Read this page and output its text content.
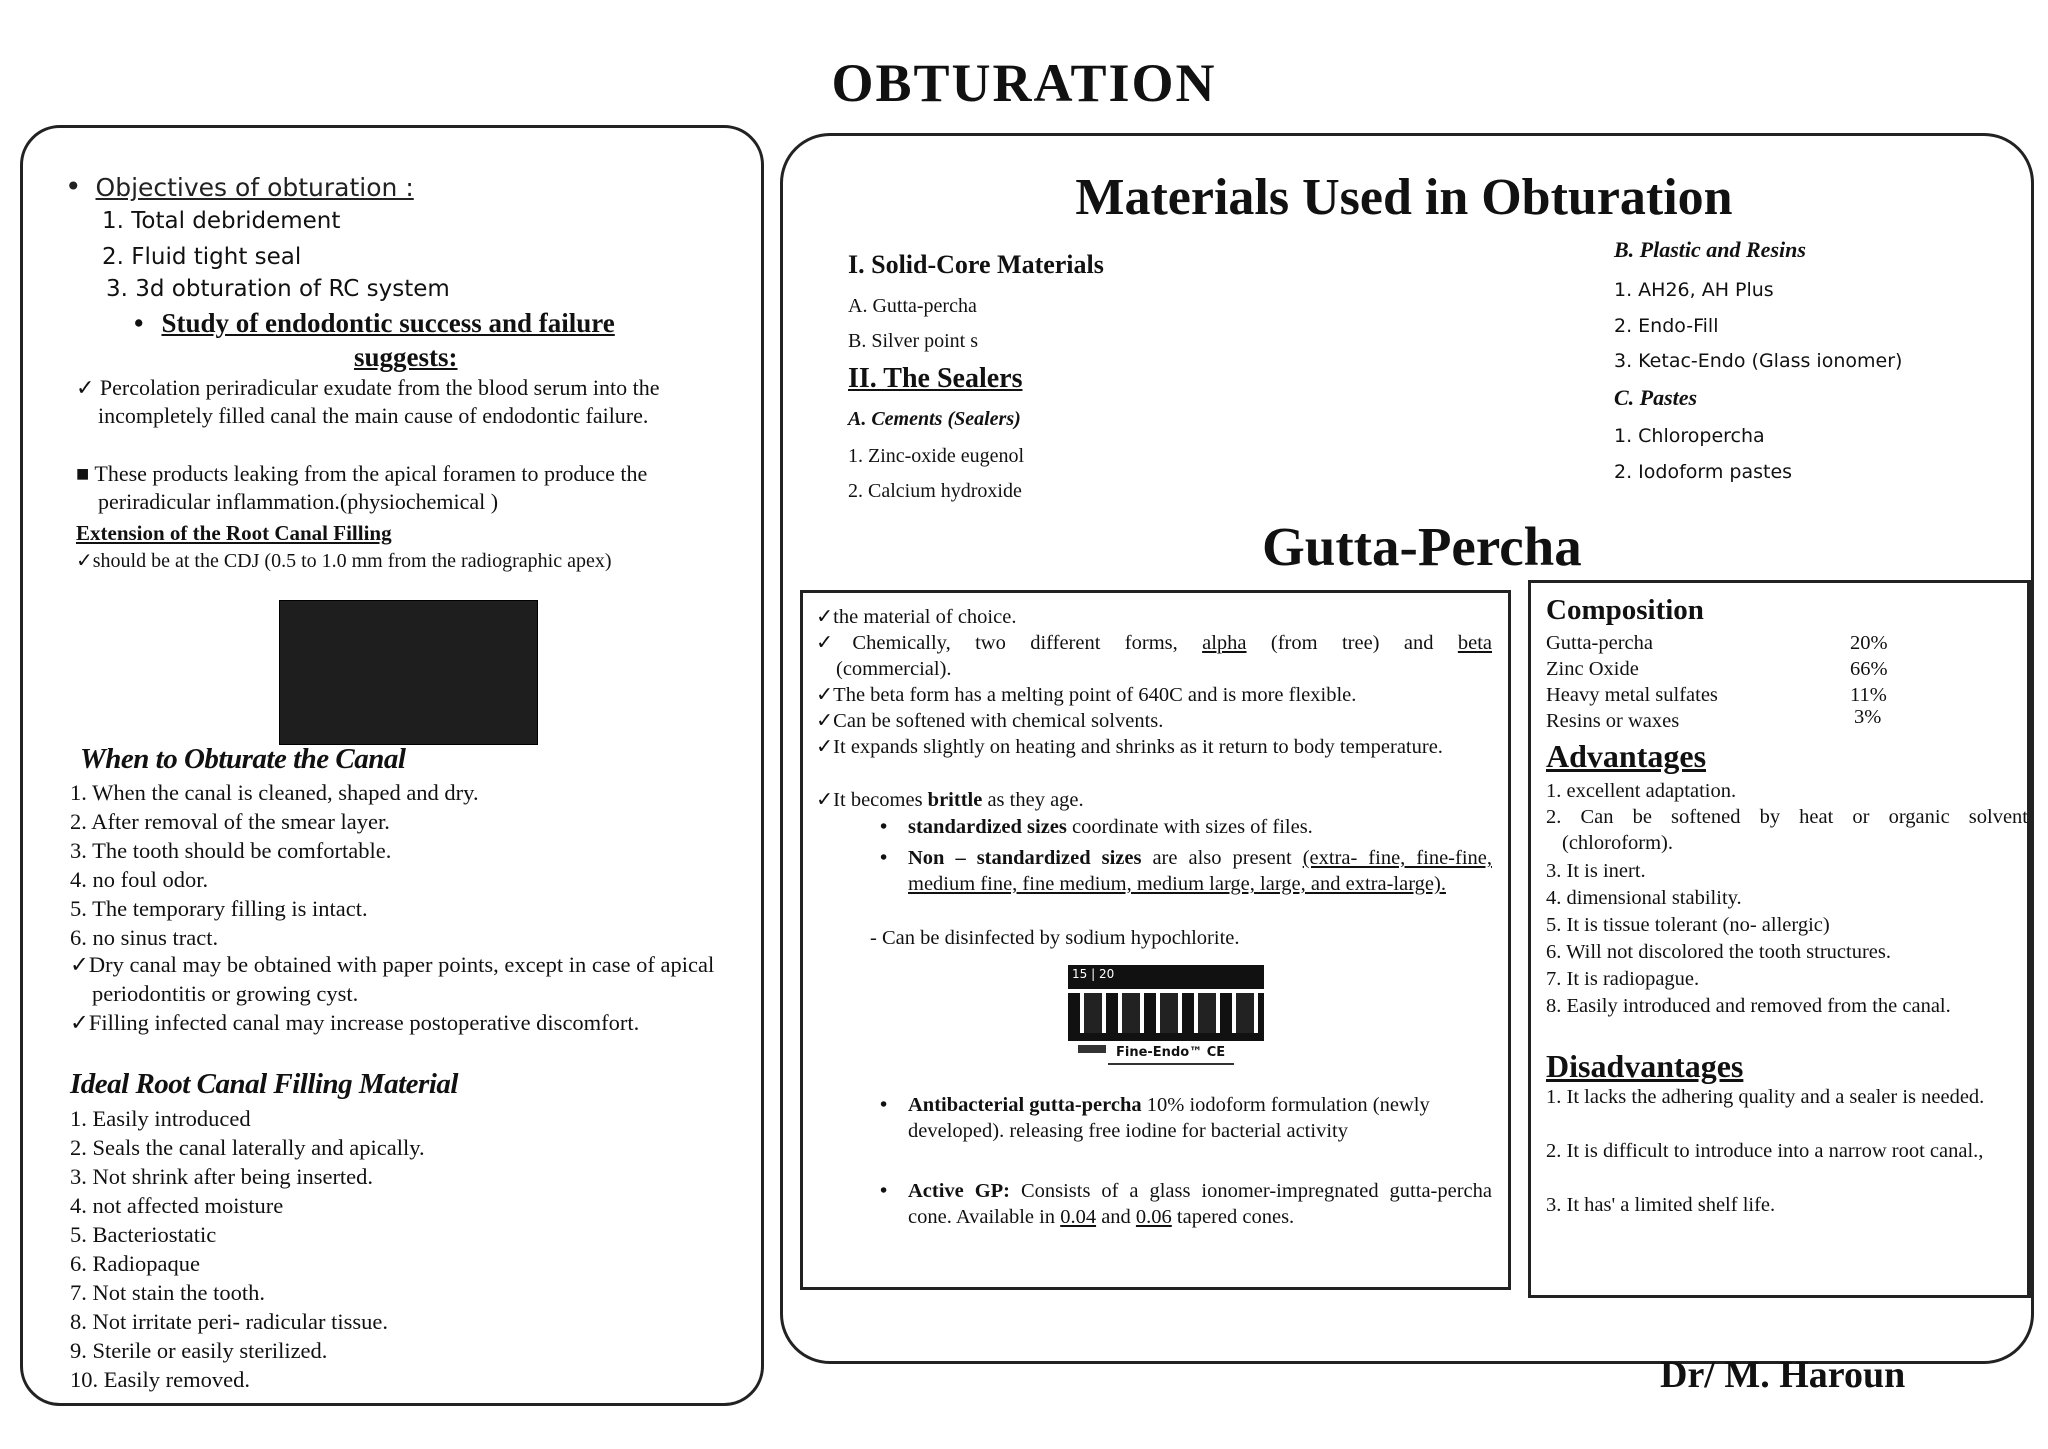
OBTURATION
• Objectives of obturation :
1. Total debridement
2. Fluid tight seal
3. 3d obturation of RC system
• Study of endodontic success and failure
suggests:
✓ Percolation periradicular exudate from the blood serum into the incompletely filled canal the main cause of endodontic failure.
■ These products leaking from the apical foramen to produce the periradicular inflammation.(physiochemical )
Extension of the Root Canal Filling
✓should be at the CDJ (0.5 to 1.0 mm from the radiographic apex)
When to Obturate the Canal
1. When the canal is cleaned, shaped and dry.
2. After removal of the smear layer.
3. The tooth should be comfortable.
4. no foul odor.
5. The temporary filling is intact.
6. no sinus tract.
✓Dry canal may be obtained with paper points, except in case of apical periodontitis or growing cyst.
✓Filling infected canal may increase postoperative discomfort.
Ideal Root Canal Filling Material
1. Easily introduced
2. Seals the canal laterally and apically.
3. Not shrink after being inserted.
4. not affected moisture
5. Bacteriostatic
6. Radiopaque
7. Not stain the tooth.
8. Not irritate peri- radicular tissue.
9. Sterile or easily sterilized.
10. Easily removed.
Materials Used in Obturation
I. Solid-Core Materials
A. Gutta-percha
B. Silver point s
II. The Sealers
A. Cements (Sealers)
1. Zinc-oxide eugenol
2. Calcium hydroxide
B. Plastic and Resins
1. AH26, AH Plus
2. Endo-Fill
3. Ketac-Endo (Glass ionomer)
C. Pastes
1. Chloropercha
2. Iodoform pastes
Gutta-Percha
✓the material of choice.
✓Chemically, two different forms, alpha (from tree) and beta
(commercial).
✓The beta form has a melting point of 640C and is more flexible.
✓Can be softened with chemical solvents.
✓It expands slightly on heating and shrinks as it return to body temperature.
✓It becomes brittle as they age.
• standardized sizes coordinate with sizes of files.
• Non – standardized sizes are also present (extra- fine, fine-fine, medium fine, fine medium, medium large, large, and extra-large).
- Can be disinfected by sodium hypochlorite.
15 | 20
Fine-Endo™ CE
• Antibacterial gutta-percha 10% iodoform formulation (newly developed). releasing free iodine for bacterial activity
• Active GP: Consists of a glass ionomer-impregnated gutta-percha cone. Available in 0.04 and 0.06 tapered cones.
Composition
Gutta-percha	20%
Zinc Oxide	66%
Heavy metal sulfates	11%
Resins or waxes	3%
Advantages
1. excellent adaptation.
2. Can be softened by heat or organic solvent (chloroform).
3. It is inert.
4. dimensional stability.
5. It is tissue tolerant (no- allergic)
6. Will not discolored the tooth structures.
7. It is radiopague.
8. Easily introduced and removed from the canal.
Disadvantages
1. It lacks the adhering quality and a sealer is needed.
2. It is difficult to introduce into a narrow root canal.,
3. It has' a limited shelf life.
Dr/ M. Haroun
